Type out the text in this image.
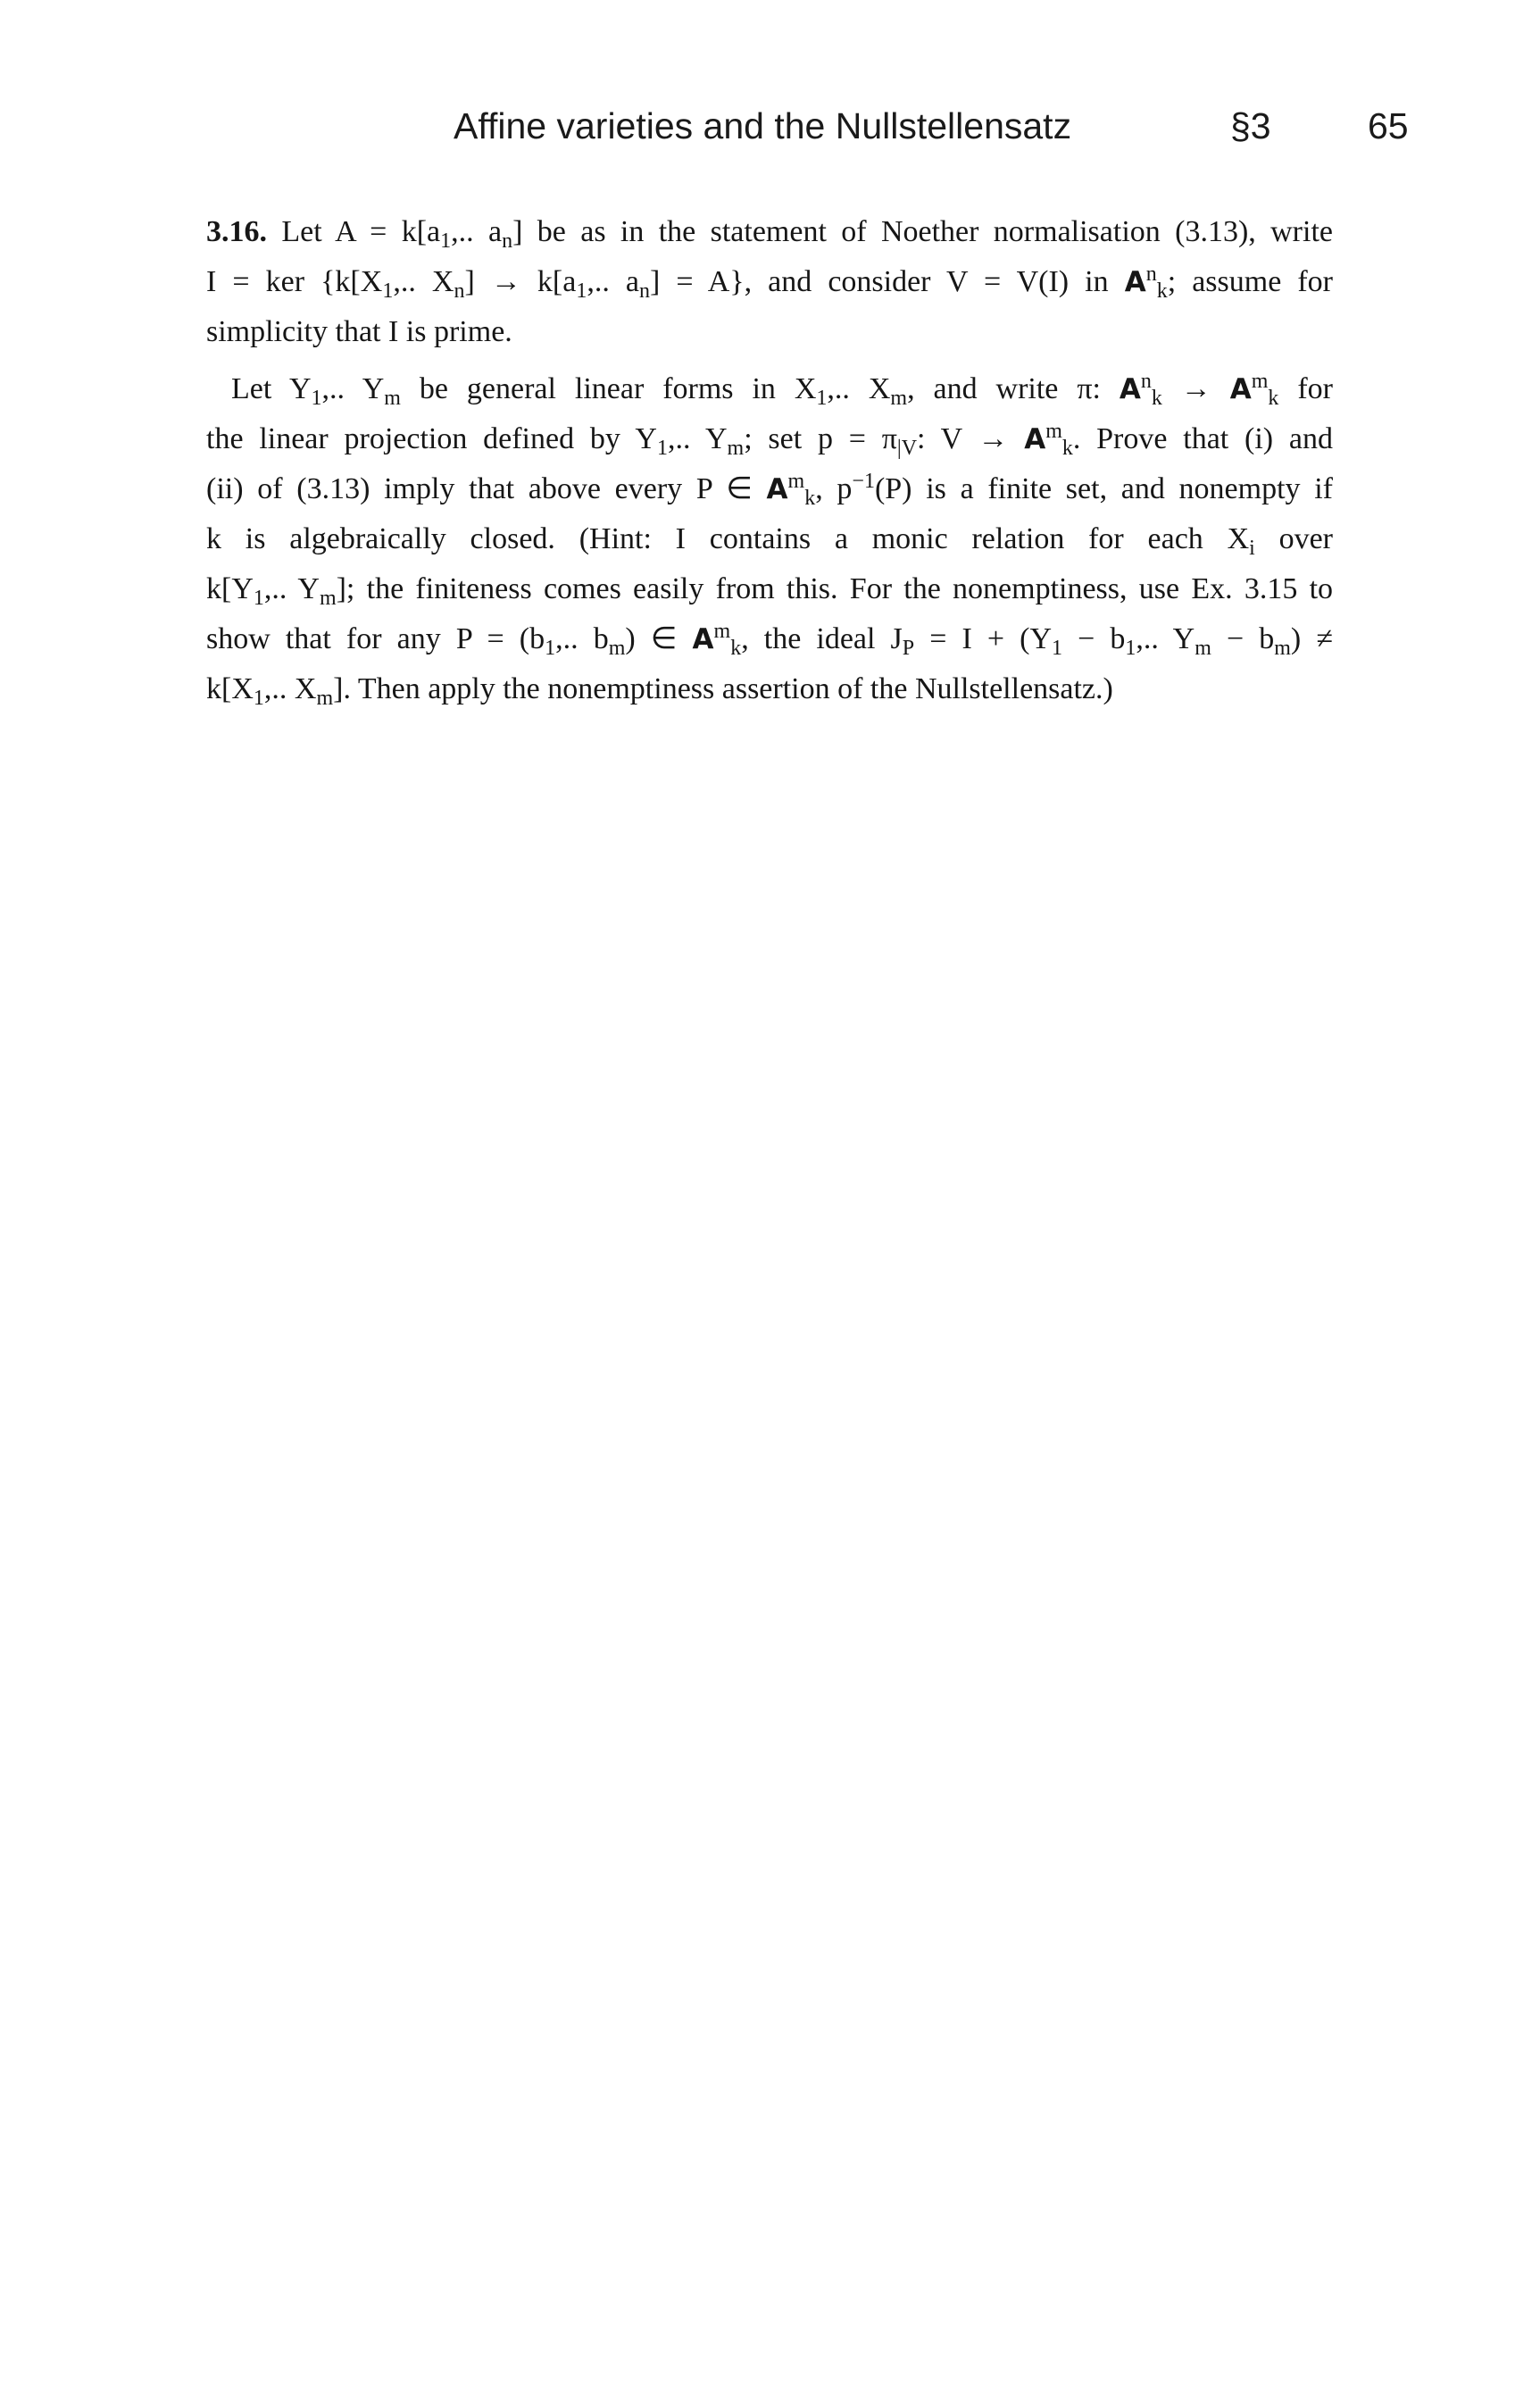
Affine varieties and the Nullstellensatz	§3	65

3.16. Let $A = k[a_1$,.. $a_n$] be as in the statement of Noether normalisation (3.13), write
I = ker {$k[X_1$,.. $X_n] \to k[a_1$,.. $a_n] = A$}, and consider V = V(I) in $A^n_k$; assume for
simplicity that I is prime.

Let $Y_1$,.. $Y_m$ be general linear forms in $X_1$,.. $X_m$, and write π: $A^n_k \to A^m_k$ for
the linear projection defined by $Y_1$,.. $Y_m$; set $p = \pi_{|V}$: $V \to A^m_k$. Prove that (i) and
(ii) of (3.13) imply that above every P ∈ $A^m_k$, $p^{-1}(P)$ is a finite set, and nonempty if
k is algebraically closed. (Hint: I contains a monic relation for each $X_i$ over
$k[Y_1$,.. $Y_m$]; the finiteness comes easily from this. For the nonemptiness, use Ex. 3.15 to
show that for any $P = (b_1$,.. $b_m$) ∈ $A^m_k$, the ideal $J_P = I + (Y_1 - b_1$,.. $Y_m - b_m$) ≠
$k[X_1$,.. $X_m$]. Then apply the nonemptiness assertion of the Nullstellensatz.)
